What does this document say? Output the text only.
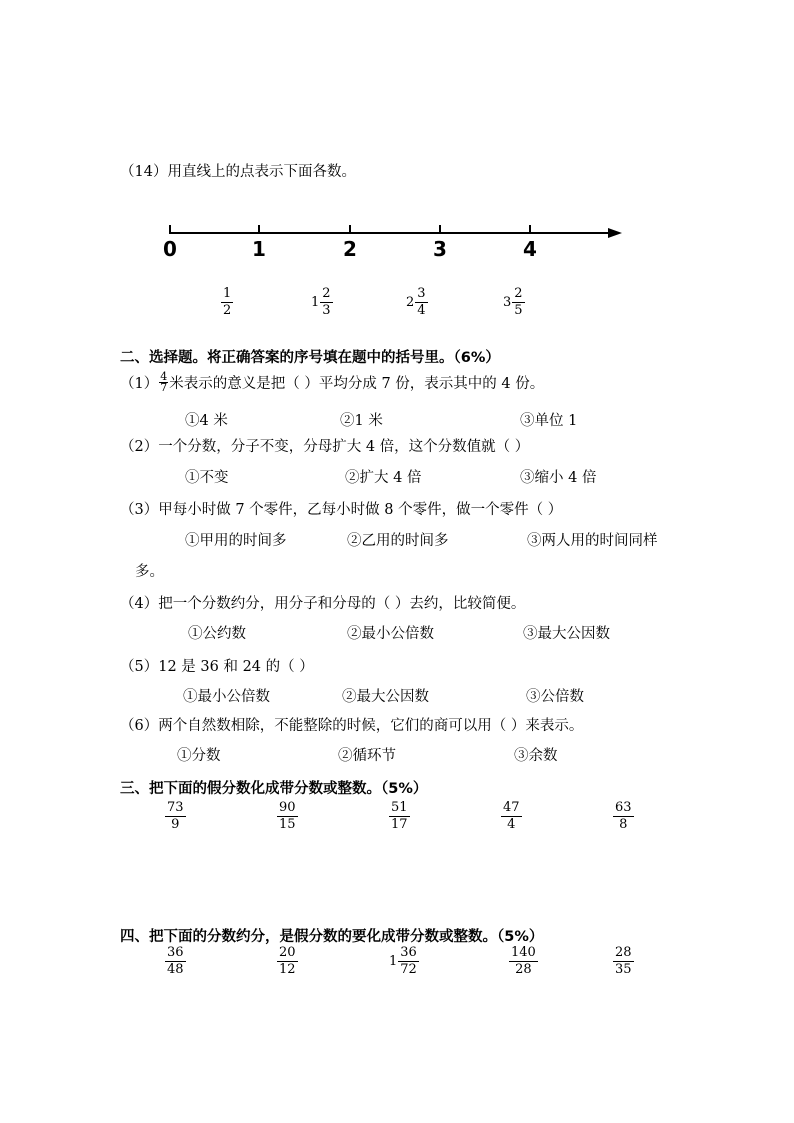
（14）用直线上的点表示下面各数。
0	1	2	3	4
$\frac{1}{2}$	$1 \frac{2}{3}$	$2 \frac{3}{4}$	$3 \frac{2}{5}$
二、选择题。将正确答案的序号填在题中的括号里。（6%）
$(1) \frac{4}{7}$ 米表示的意义是把（ ）平均分成 7 份，表示其中的 4 份。
①4 米	②1 米	③单位 1
（2）一个分数，分子不变，分母扩大 4 倍，这个分数值就（ ）
①不变	②扩大 4 倍	③缩小 4 倍
（3）甲每小时做 7 个零件，乙每小时做 8 个零件，做一个零件（ ）
①甲用的时间多	②乙用的时间多	③两人用的时间同样
多。
（4）把一个分数约分，用分子和分母的（ ）去约，比较简便。
①公约数	②最小公倍数	③最大公因数
（5）12 是 36 和 24 的（ ）
①最小公倍数	②最大公因数	③公倍数
（6）两个自然数相除，不能整除的时候，它们的商可以用（ ）来表示。
①分数	②循环节	③余数
三、把下面的假分数化成带分数或整数。（5%）
$\frac{73}{9}$	$\frac{90}{15}$	$\frac{51}{17}$	$\frac{47}{4}$	$\frac{63}{8}$
四、把下面的分数约分，是假分数的要化成带分数或整数。（5%）
$\frac{36}{48}$	$\frac{20}{12}$	$1 \frac{36}{72}$	$\frac{140}{28}$	$\frac{28}{35}$
